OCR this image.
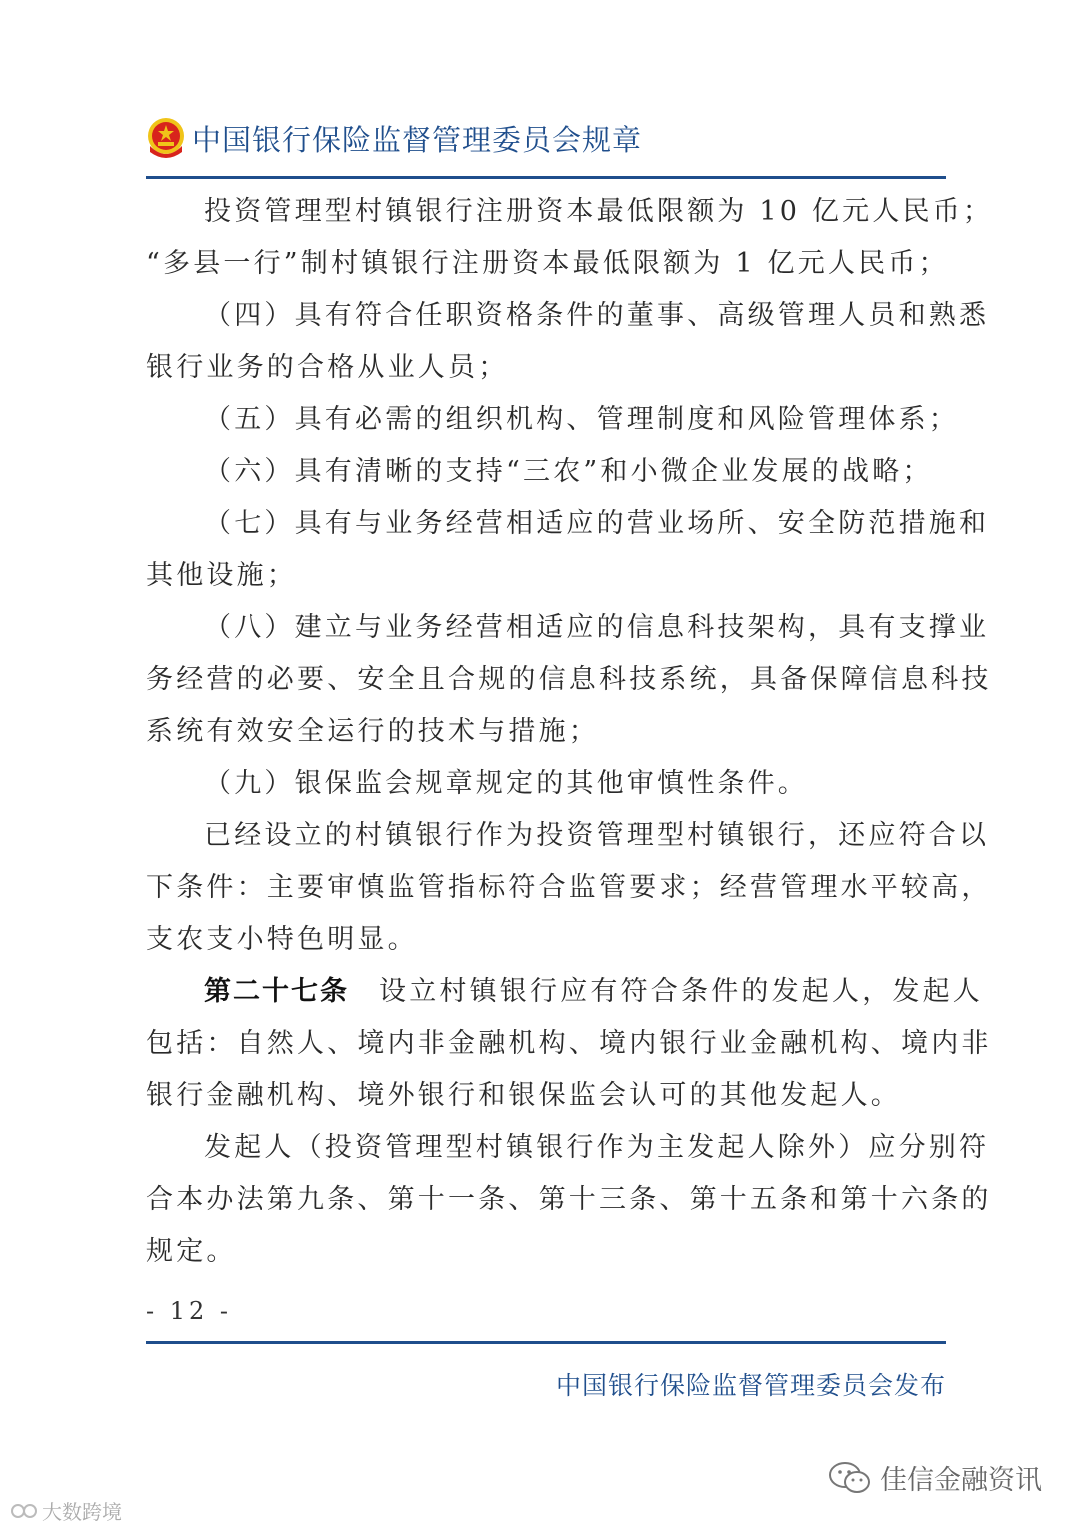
中国银行保险监督管理委员会规章
投资管理型村镇银行注册资本最低限额为 10 亿元人民币；
“多县一行”制村镇银行注册资本最低限额为 1 亿元人民币；
（四）具有符合任职资格条件的董事、高级管理人员和熟悉
银行业务的合格从业人员；
（五）具有必需的组织机构、管理制度和风险管理体系；
（六）具有清晰的支持“三农”和小微企业发展的战略；
（七）具有与业务经营相适应的营业场所、安全防范措施和
其他设施；
（八）建立与业务经营相适应的信息科技架构，具有支撑业
务经营的必要、安全且合规的信息科技系统，具备保障信息科技
系统有效安全运行的技术与措施；
（九）银保监会规章规定的其他审慎性条件。
已经设立的村镇银行作为投资管理型村镇银行，还应符合以
下条件：主要审慎监管指标符合监管要求；经营管理水平较高，
支农支小特色明显。
第二十七条 设立村镇银行应有符合条件的发起人，发起人
包括：自然人、境内非金融机构、境内银行业金融机构、境内非
银行金融机构、境外银行和银保监会认可的其他发起人。
发起人（投资管理型村镇银行作为主发起人除外）应分别符
合本办法第九条、第十一条、第十三条、第十五条和第十六条的
规定。
- 12 -
中国银行保险监督管理委员会发布
大数跨境
佳信金融资讯
